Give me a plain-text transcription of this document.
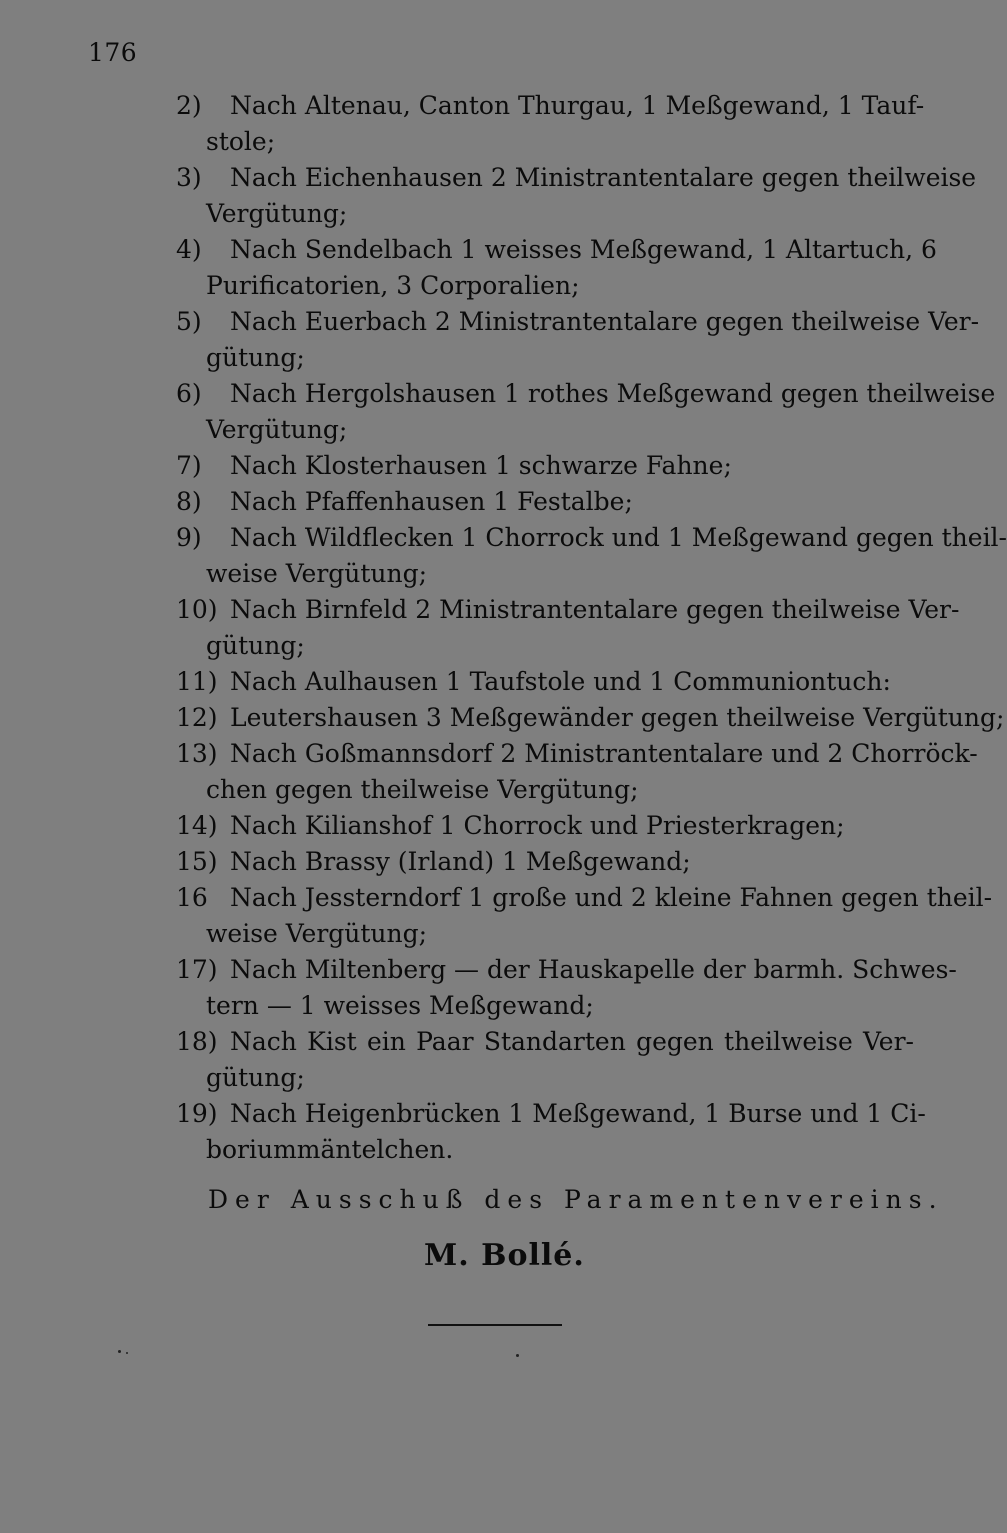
176
2)	Nach Altenau, Canton Thurgau, 1 Meßgewand, 1 Tauf-
stole;
3)	Nach Eichenhausen 2 Ministrantentalare gegen theilweise
Vergütung;
4)	Nach Sendelbach 1 weisses Meßgewand, 1 Altartuch, 6
Purificatorien, 3 Corporalien;
5)	Nach Euerbach 2 Ministrantentalare gegen theilweise Ver-
gütung;
6)	Nach Hergolshausen 1 rothes Meßgewand gegen theilweise
Vergütung;
7)	Nach Klosterhausen 1 schwarze Fahne;
8)	Nach Pfaffenhausen 1 Festalbe;
9)	Nach Wildflecken 1 Chorrock und 1 Meßgewand gegen theil-
weise Vergütung;
10) Nach Birnfeld 2 Ministrantentalare gegen theilweise Ver-
gütung;
11) Nach Aulhausen 1 Taufstole und 1 Communiontuch:
12) Leutershausen 3 Meßgewänder gegen theilweise Vergütung;
13) Nach Goßmannsdorf 2 Ministrantentalare und 2 Chorröck-
chen gegen theilweise Vergütung;
14) Nach Kilianshof 1 Chorrock und Priesterkragen;
15) Nach Brassy (Irland) 1 Meßgewand;
16 Nach Jessterndorf 1 große und 2 kleine Fahnen gegen theil-
weise Vergütung;
17) Nach Miltenberg — der Hauskapelle der barmh. Schwes-
tern — 1 weisses Meßgewand;
18) Nach Kist ein Paar Standarten gegen theilweise Ver-
gütung;
19) Nach Heigenbrücken 1 Meßgewand, 1 Burse und 1 Ci-
boriummäntelchen.
Der Ausschuß des Paramentenvereins.
M. Bollé.
